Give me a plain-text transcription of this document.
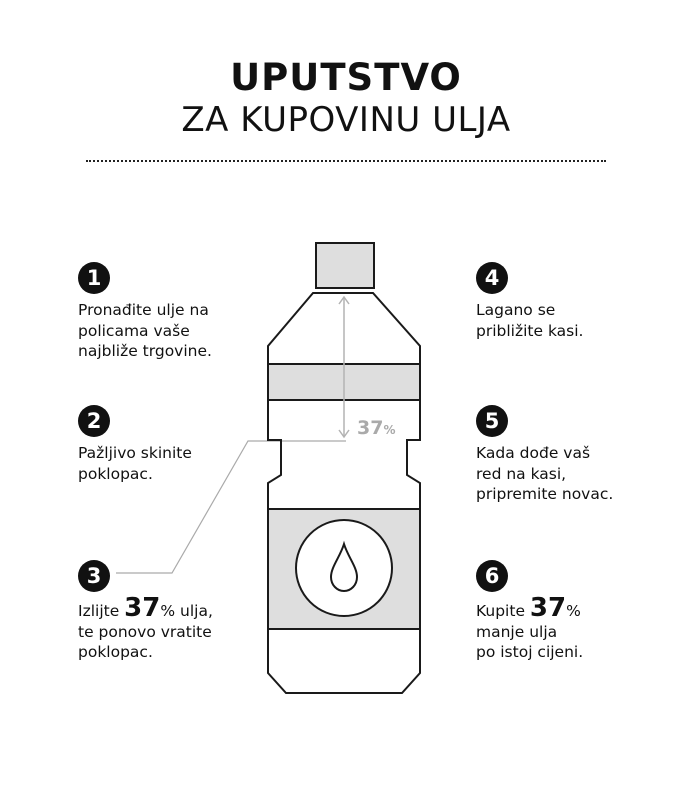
UPUTSTVO
ZA KUPOVINU ULJA
37%
1
Pronađite ulje na
policama vaše
najbliže trgovine.
2
Pažljivo skinite
poklopac.
3
Izlijte 37% ulja,
te ponovo vratite
poklopac.
4
Lagano se
približite kasi.
5
Kada dođe vaš
red na kasi,
pripremite novac.
6
Kupite 37%
manje ulja
po istoj cijeni.
